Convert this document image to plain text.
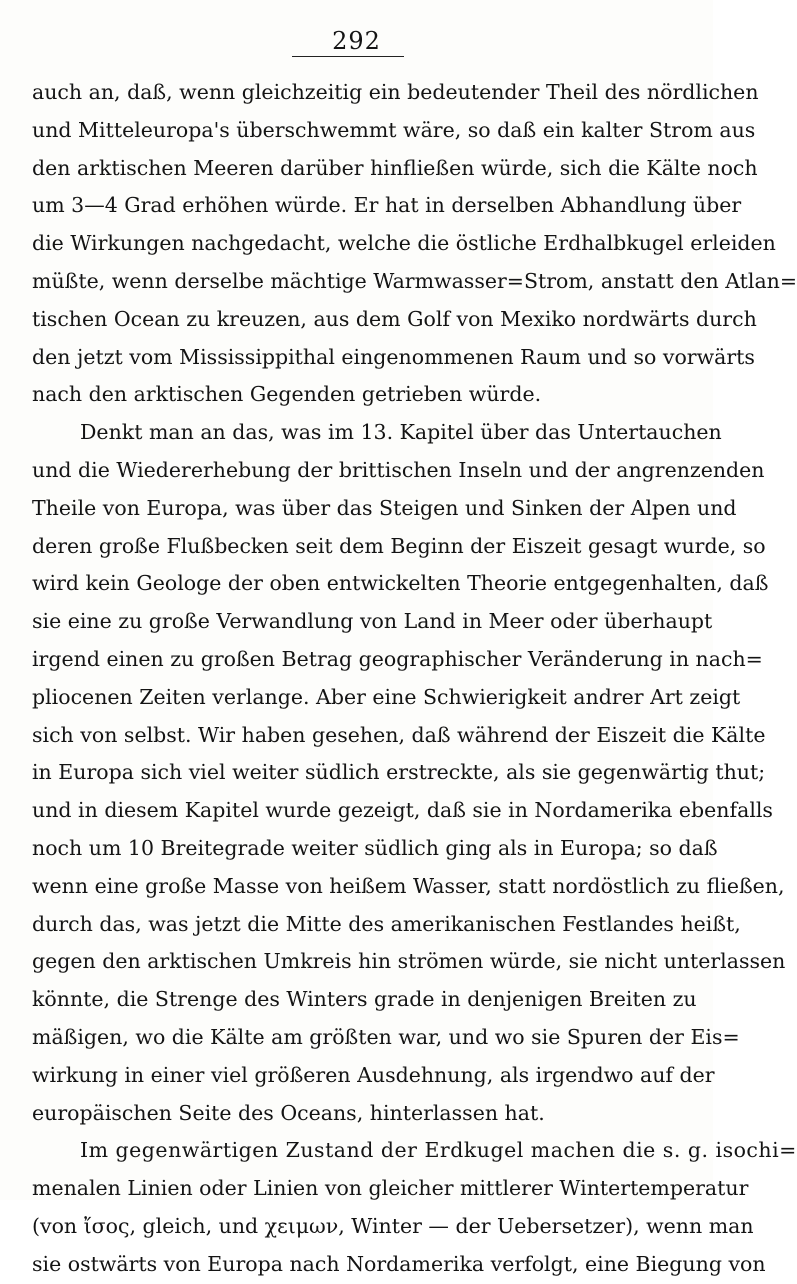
292
auch an, daß, wenn gleichzeitig ein bedeutender Theil des nördlichen
und Mitteleuropa's überschwemmt wäre, so daß ein kalter Strom aus
den arktischen Meeren darüber hinfließen würde, sich die Kälte noch
um 3—4 Grad erhöhen würde. Er hat in derselben Abhandlung über
die Wirkungen nachgedacht, welche die östliche Erdhalbkugel erleiden
müßte, wenn derselbe mächtige Warmwasser=Strom, anstatt den Atlan=
tischen Ocean zu kreuzen, aus dem Golf von Mexiko nordwärts durch
den jetzt vom Mississippithal eingenommenen Raum und so vorwärts
nach den arktischen Gegenden getrieben würde.
Denkt man an das, was im 13. Kapitel über das Untertauchen
und die Wiedererhebung der brittischen Inseln und der angrenzenden
Theile von Europa, was über das Steigen und Sinken der Alpen und
deren große Flußbecken seit dem Beginn der Eiszeit gesagt wurde, so
wird kein Geologe der oben entwickelten Theorie entgegenhalten, daß
sie eine zu große Verwandlung von Land in Meer oder überhaupt
irgend einen zu großen Betrag geographischer Veränderung in nach=
pliocenen Zeiten verlange. Aber eine Schwierigkeit andrer Art zeigt
sich von selbst. Wir haben gesehen, daß während der Eiszeit die Kälte
in Europa sich viel weiter südlich erstreckte, als sie gegenwärtig thut;
und in diesem Kapitel wurde gezeigt, daß sie in Nordamerika ebenfalls
noch um 10 Breitegrade weiter südlich ging als in Europa; so daß
wenn eine große Masse von heißem Wasser, statt nordöstlich zu fließen,
durch das, was jetzt die Mitte des amerikanischen Festlandes heißt,
gegen den arktischen Umkreis hin strömen würde, sie nicht unterlassen
könnte, die Strenge des Winters grade in denjenigen Breiten zu
mäßigen, wo die Kälte am größten war, und wo sie Spuren der Eis=
wirkung in einer viel größeren Ausdehnung, als irgendwo auf der
europäischen Seite des Oceans, hinterlassen hat.
Im gegenwärtigen Zustand der Erdkugel machen die s. g. isochi=
menalen Linien oder Linien von gleicher mittlerer Wintertemperatur
(von ἴσος, gleich, und χειμων, Winter — der Uebersetzer), wenn man
sie ostwärts von Europa nach Nordamerika verfolgt, eine Biegung von
